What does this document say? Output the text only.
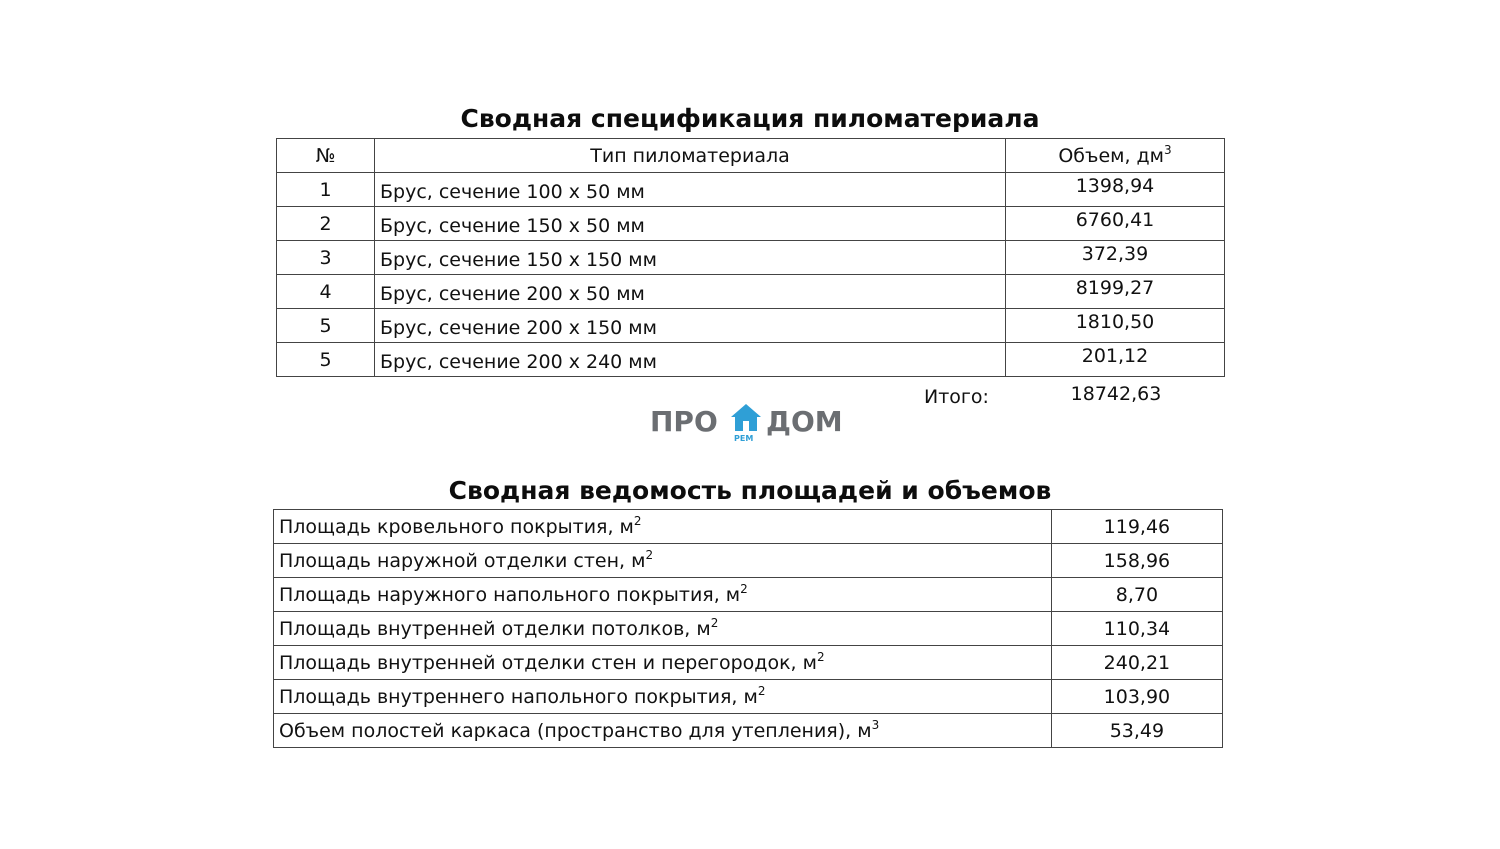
Сводная спецификация пиломатериала
№	Тип пиломатериала	Объем, $дм^3$
1	Брус, сечение 100 х 50 мм	1398,94
2	Брус, сечение 150 х 50 мм	6760,41
3	Брус, сечение 150 х 150 мм	372,39
4	Брус, сечение 200 х 50 мм	8199,27
5	Брус, сечение 200 х 150 мм	1810,50
5	Брус, сечение 200 х 240 мм	201,12
Итого:	18742,63
ПРО
РЕМ
ДОМ
Сводная ведомость площадей и объемов
Площадь кровельного покрытия, $м^2$	119,46
Площадь наружной отделки стен, $м^2$	158,96
Площадь наружного напольного покрытия, $м^2$	8,70
Площадь внутренней отделки потолков, $м^2$	110,34
Площадь внутренней отделки стен и перегородок, $м^2$	240,21
Площадь внутреннего напольного покрытия, $м^2$	103,90
Объем полостей каркаса (пространство для утепления), $м^3$	53,49
